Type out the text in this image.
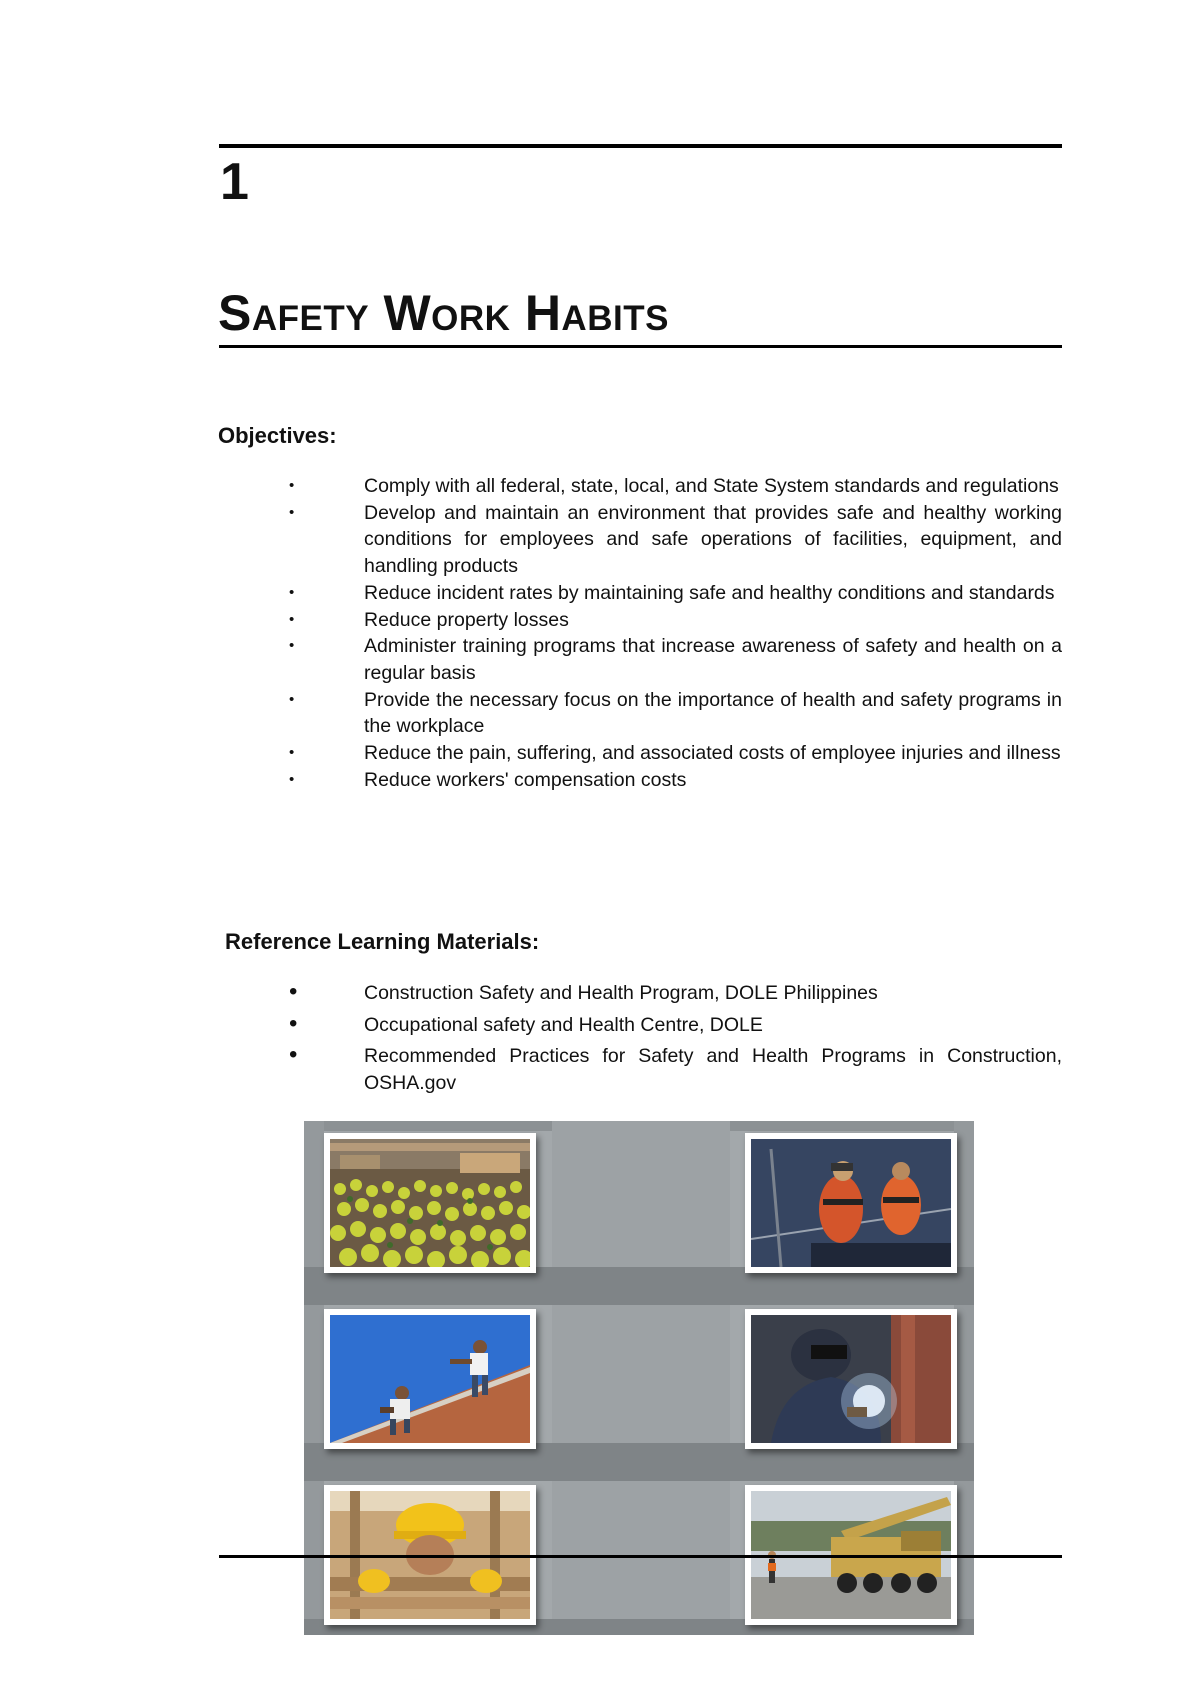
1
Safety Work Habits
Objectives:
•	Comply with all federal, state, local, and State System standards and regulations
•	Develop and maintain an environment that provides safe and healthy working conditions for employees and safe operations of facilities, equipment, and handling products
•	Reduce incident rates by maintaining safe and healthy conditions and standards
•	Reduce property losses
•	Administer training programs that increase awareness of safety and health on a regular basis
•	Provide the necessary focus on the importance of health and safety programs in the workplace
•	Reduce the pain, suffering, and associated costs of employee injuries and illness
•	Reduce workers' compensation costs
Reference Learning Materials:
•	Construction Safety and Health Program, DOLE Philippines
•	Occupational safety and Health Centre, DOLE
•	Recommended Practices for Safety and Health Programs in Construction, OSHA.gov
